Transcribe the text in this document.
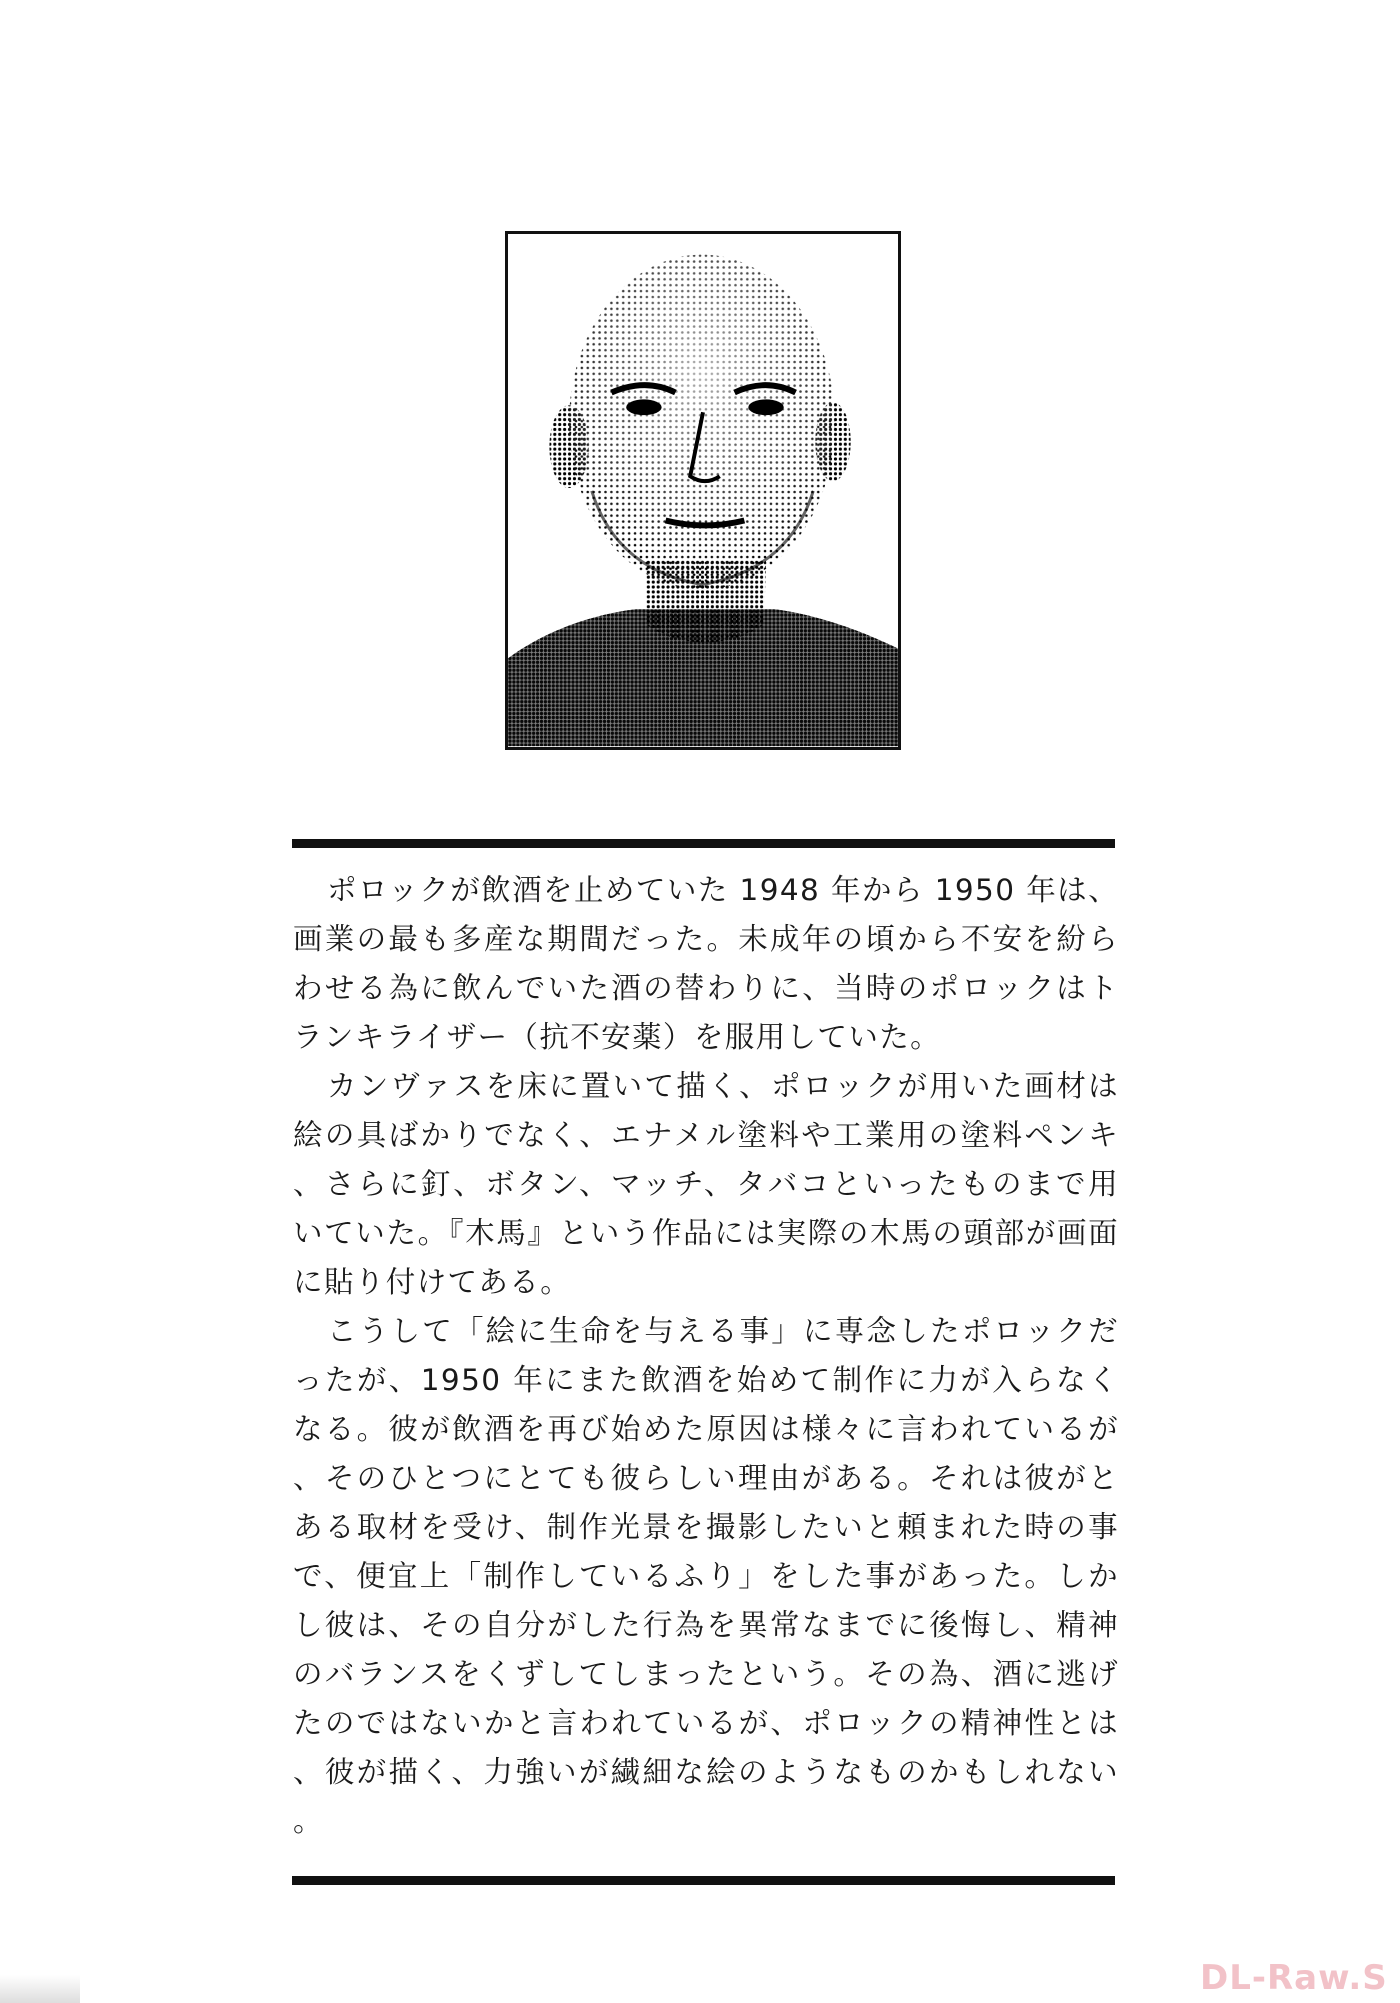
ポロックが飲酒を止めていた 1948 年から 1950 年は、画業の最も多産な期間だった。未成年の頃から不安を紛らわせる為に飲んでいた酒の替わりに、当時のポロックはトランキライザー（抗不安薬）を服用していた。

カンヴァスを床に置いて描く、ポロックが用いた画材は絵の具ばかりでなく、エナメル塗料や工業用の塗料ペンキ、さらに釘、ボタン、マッチ、タバコといったものまで用いていた。『木馬』という作品には実際の木馬の頭部が画面に貼り付けてある。

こうして「絵に生命を与える事」に専念したポロックだったが、1950 年にまた飲酒を始めて制作に力が入らなくなる。彼が飲酒を再び始めた原因は様々に言われているが、そのひとつにとても彼らしい理由がある。それは彼がとある取材を受け、制作光景を撮影したいと頼まれた時の事で、便宜上「制作しているふり」をした事があった。しかし彼は、その自分がした行為を異常なまでに後悔し、精神のバランスをくずしてしまったという。その為、酒に逃げたのではないかと言われているが、ポロックの精神性とは、彼が描く、力強いが繊細な絵のようなものかもしれない。

DL-Raw.S
